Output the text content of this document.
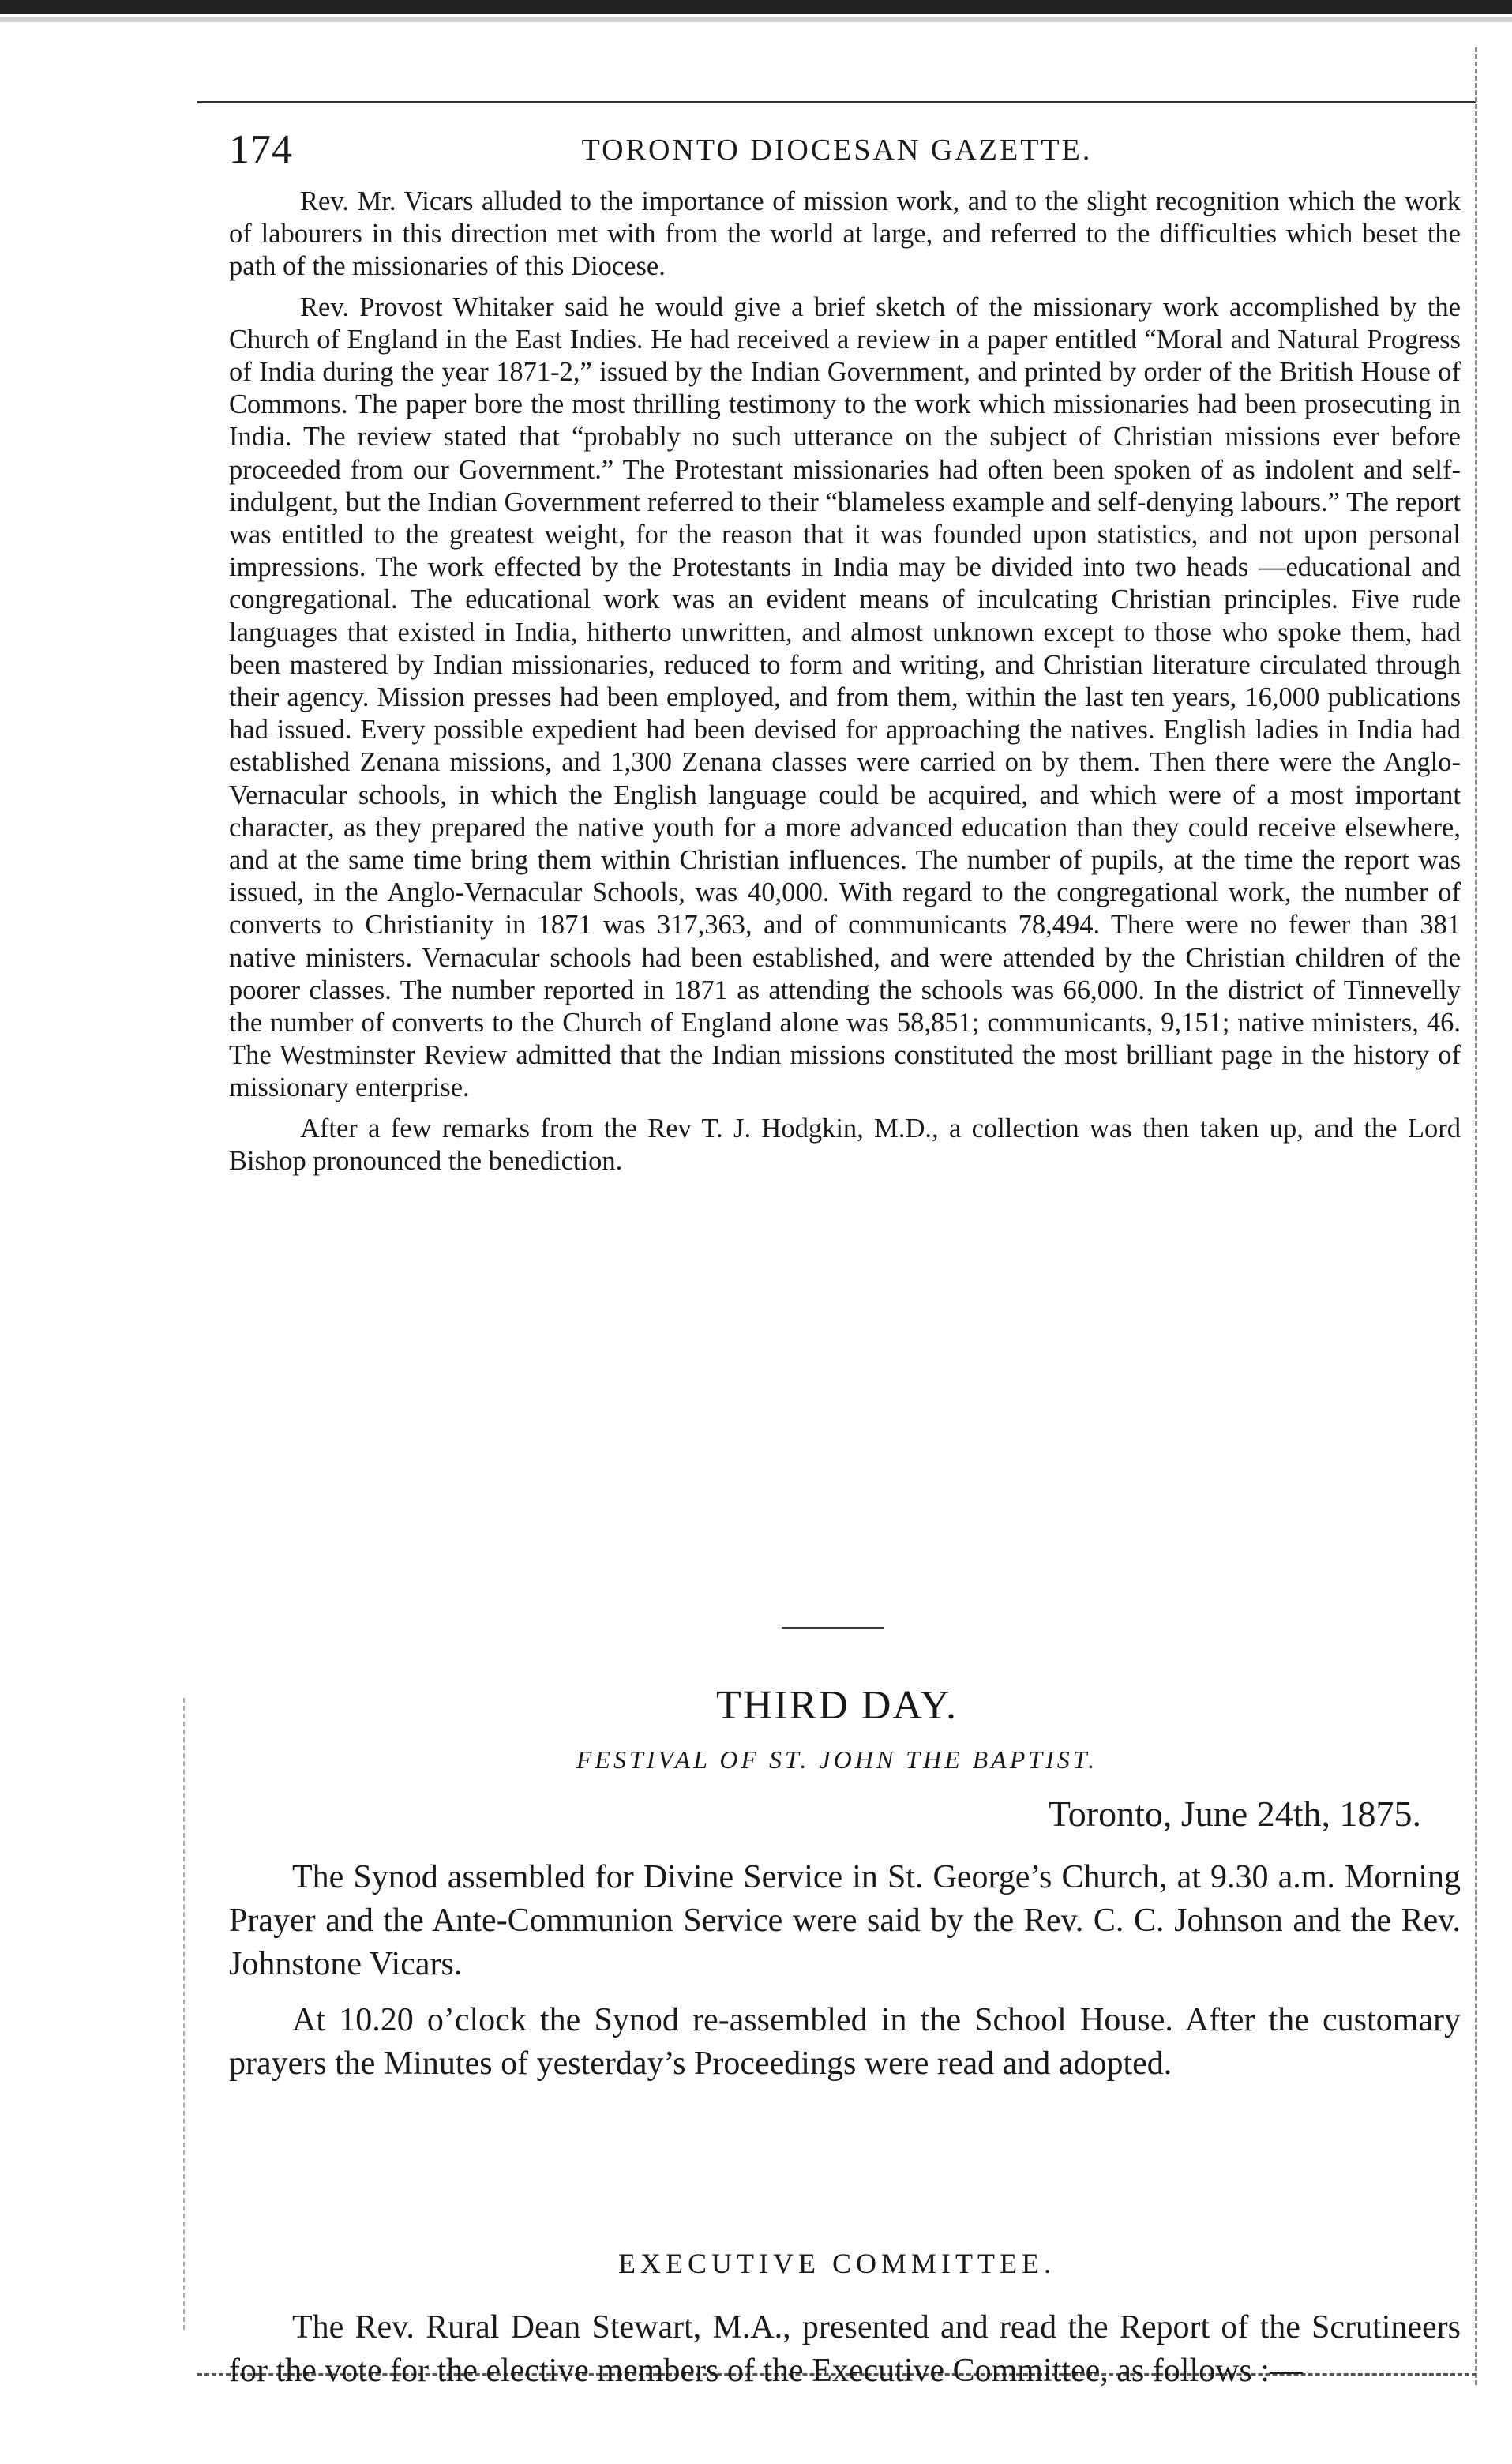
174	TORONTO DIOCESAN GAZETTE.

Rev. Mr. Vicars alluded to the importance of mission work, and to the slight recognition which the work of labourers in this direction met with from the world at large, and referred to the difficulties which beset the path of the missionaries of this Diocese.

Rev. Provost Whitaker said he would give a brief sketch of the missionary work accomplished by the Church of England in the East Indies. He had received a review in a paper entitled “Moral and Natural Progress of India during the year 1871-2,” issued by the Indian Government, and printed by order of the British House of Commons. The paper bore the most thrilling testimony to the work which missionaries had been prosecuting in India. The review stated that “probably no such utterance on the subject of Christian missions ever before proceeded from our Government.” The Protestant missionaries had often been spoken of as indolent and self-indulgent, but the Indian Government referred to their “blameless example and self-denying labours.” The report was entitled to the greatest weight, for the reason that it was founded upon statistics, and not upon personal impressions. The work effected by the Protestants in India may be divided into two heads —educational and congregational. The educational work was an evident means of inculcating Christian principles. Five rude languages that existed in India, hitherto unwritten, and almost unknown except to those who spoke them, had been mastered by Indian missionaries, reduced to form and writing, and Christian literature circulated through their agency. Mission presses had been employed, and from them, within the last ten years, 16,000 publications had issued. Every possible expedient had been devised for approaching the natives. English ladies in India had established Zenana missions, and 1,300 Zenana classes were carried on by them. Then there were the Anglo-Vernacular schools, in which the English language could be acquired, and which were of a most important character, as they prepared the native youth for a more advanced education than they could receive elsewhere, and at the same time bring them within Christian influences. The number of pupils, at the time the report was issued, in the Anglo-Vernacular Schools, was 40,000. With regard to the congregational work, the number of converts to Christianity in 1871 was 317,363, and of communicants 78,494. There were no fewer than 381 native ministers. Vernacular schools had been established, and were attended by the Christian children of the poorer classes. The number reported in 1871 as attending the schools was 66,000. In the district of Tinnevelly the number of converts to the Church of England alone was 58,851; communicants, 9,151; native ministers, 46. The Westminster Review admitted that the Indian missions constituted the most brilliant page in the history of missionary enterprise.

After a few remarks from the Rev T. J. Hodgkin, M.D., a collection was then taken up, and the Lord Bishop pronounced the benediction.

THIRD DAY.
FESTIVAL OF ST. JOHN THE BAPTIST.
Toronto, June 24th, 1875.

The Synod assembled for Divine Service in St. George’s Church, at 9.30 a.m. Morning Prayer and the Ante-Communion Service were said by the Rev. C. C. Johnson and the Rev. Johnstone Vicars.

At 10.20 o’clock the Synod re-assembled in the School House. After the customary prayers the Minutes of yesterday’s Proceedings were read and adopted.

EXECUTIVE COMMITTEE.

The Rev. Rural Dean Stewart, M.A., presented and read the Report of the Scrutineers for the vote for the elective members of the Executive Committee, as follows :—
